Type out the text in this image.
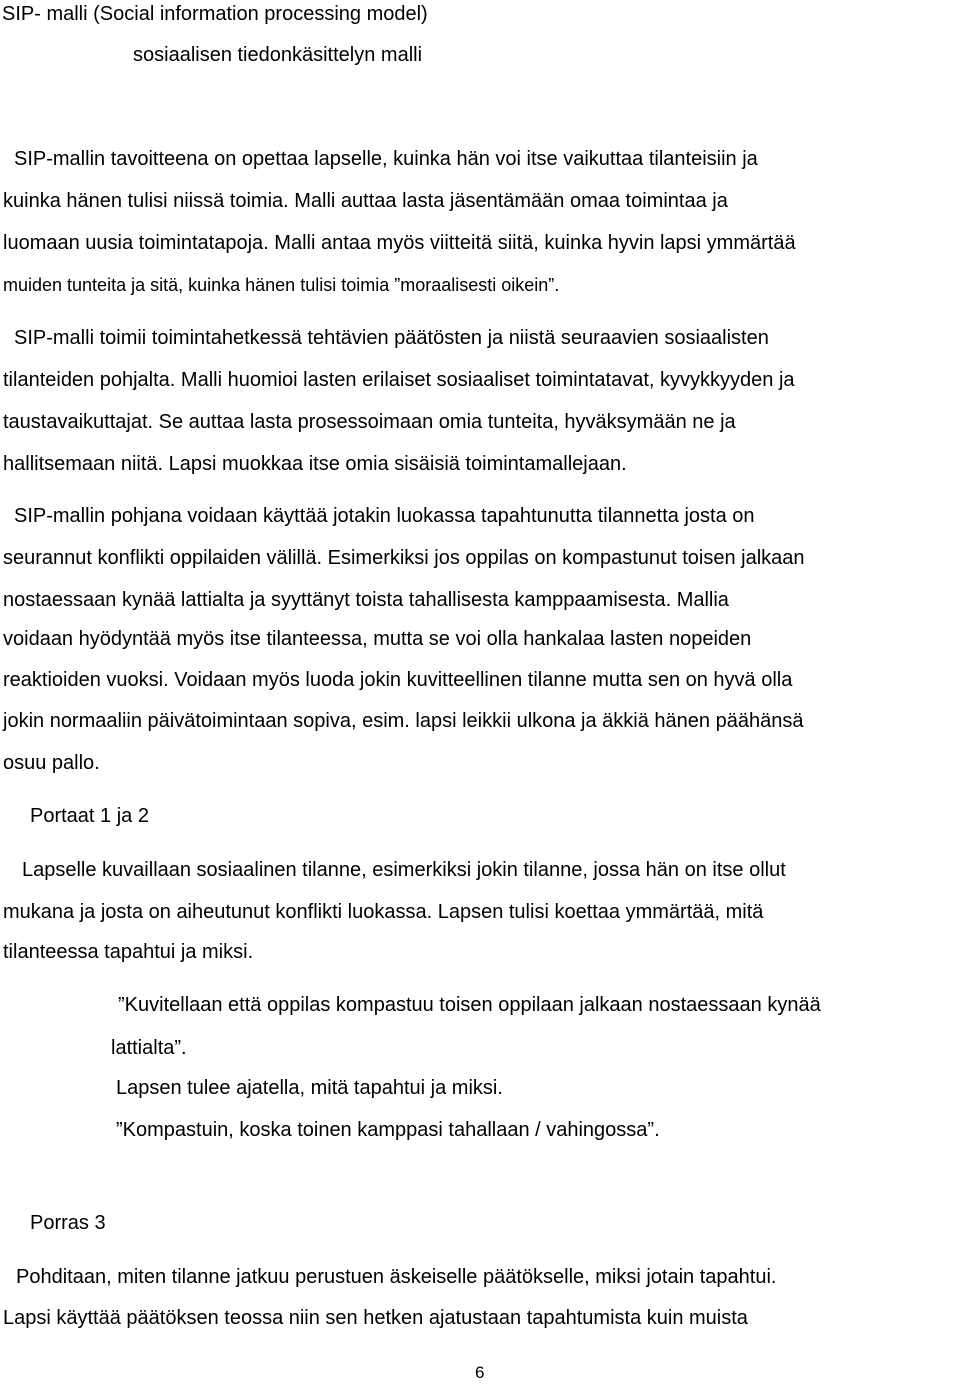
SIP- malli (Social information processing model)
sosiaalisen tiedonkäsittelyn malli
SIP-mallin tavoitteena on opettaa lapselle, kuinka hän voi itse vaikuttaa tilanteisiin ja
kuinka hänen tulisi niissä toimia. Malli auttaa lasta jäsentämään omaa toimintaa ja
luomaan uusia toimintatapoja. Malli antaa myös viitteitä siitä, kuinka hyvin lapsi ymmärtää
muiden tunteita ja sitä, kuinka hänen tulisi toimia ”moraalisesti oikein”.
SIP-malli toimii toimintahetkessä tehtävien päätösten ja niistä seuraavien sosiaalisten
tilanteiden pohjalta. Malli huomioi lasten erilaiset sosiaaliset toimintatavat, kyvykkyyden ja
taustavaikuttajat. Se auttaa lasta prosessoimaan omia tunteita, hyväksymään ne ja
hallitsemaan niitä. Lapsi muokkaa itse omia sisäisiä toimintamallejaan.
SIP-mallin pohjana voidaan käyttää jotakin luokassa tapahtunutta tilannetta josta on
seurannut konflikti oppilaiden välillä. Esimerkiksi jos oppilas on kompastunut toisen jalkaan
nostaessaan kynää lattialta ja syyttänyt toista tahallisesta kamppaamisesta. Mallia
voidaan hyödyntää myös itse tilanteessa, mutta se voi olla hankalaa lasten nopeiden
reaktioiden vuoksi. Voidaan myös luoda jokin kuvitteellinen tilanne mutta sen on hyvä olla
jokin normaaliin päivätoimintaan sopiva, esim. lapsi leikkii ulkona ja äkkiä hänen päähänsä
osuu pallo.
Portaat 1 ja 2
Lapselle kuvaillaan sosiaalinen tilanne, esimerkiksi jokin tilanne, jossa hän on itse ollut
mukana ja josta on aiheutunut konflikti luokassa. Lapsen tulisi koettaa ymmärtää, mitä
tilanteessa tapahtui ja miksi.
”Kuvitellaan että oppilas kompastuu toisen oppilaan jalkaan nostaessaan kynää
lattialta”.
Lapsen tulee ajatella, mitä tapahtui ja miksi.
”Kompastuin, koska toinen kamppasi tahallaan / vahingossa”.
Porras 3
Pohditaan, miten tilanne jatkuu perustuen äskeiselle päätökselle, miksi jotain tapahtui.
Lapsi käyttää päätöksen teossa niin sen hetken ajatustaan tapahtumista kuin muista
6
